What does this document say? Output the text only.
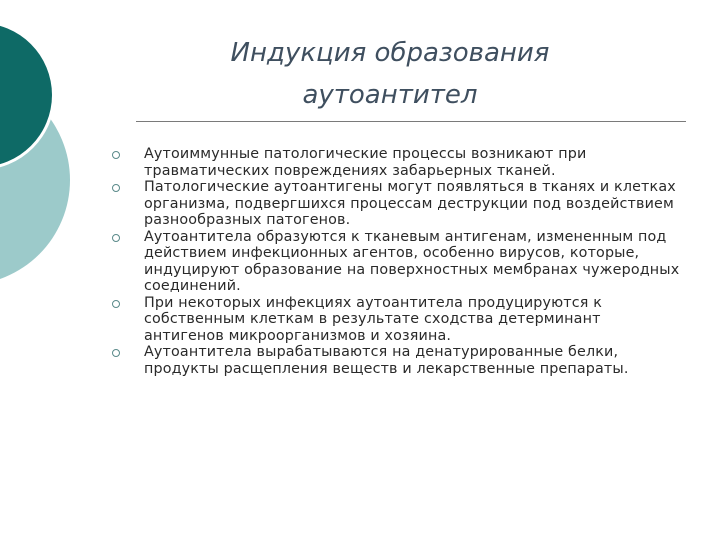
Индукция образования
аутоантител
Аутоиммунные патологические процессы возникают при травматических повреждениях забарьерных тканей.
Патологические аутоантигены могут появляться в тканях и клетках организма, подвергшихся процессам деструкции под воздействием разнообразных патогенов.
Аутоантитела образуются к тканевым антигенам, измененным под действием инфекционных агентов, особенно вирусов, которые, индуцируют образование на поверхностных мембранах чужеродных соединений.
При некоторых инфекциях аутоантитела продуцируются к собственным клеткам в результате сходства детерминант антигенов микроорганизмов и хозяина.
Аутоантитела вырабатываются на денатурированные белки, продукты расщепления веществ и лекарственные препараты.
